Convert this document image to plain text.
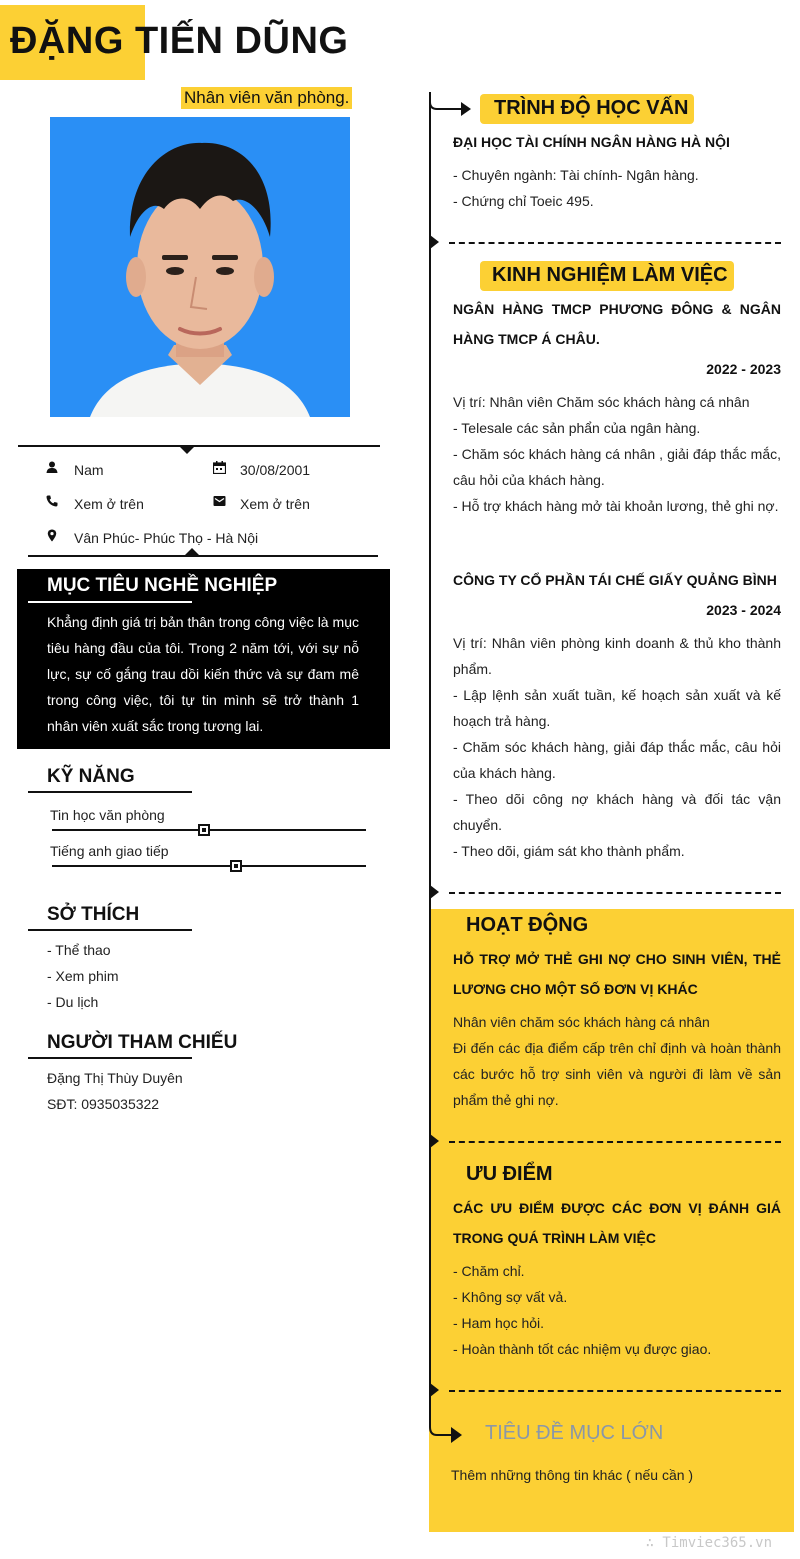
ĐẶNG TIẾN DŨNG
Nhân viên văn phòng.
Nam	30/08/2001
Xem ở trên	Xem ở trên
Vân Phúc- Phúc Thọ - Hà Nội
MỤC TIÊU NGHỀ NGHIỆP
Khẳng định giá trị bản thân trong công việc là mục tiêu hàng đầu của tôi. Trong 2 năm tới, với sự nỗ lực, sự cố gắng trau dồi kiến thức và sự đam mê trong công việc, tôi tự tin mình sẽ trở thành 1 nhân viên xuất sắc trong tương lai.
KỸ NĂNG
Tin học văn phòng
Tiếng anh giao tiếp
SỞ THÍCH
- Thể thao
- Xem phim
- Du lịch
NGƯỜI THAM CHIẾU
Đặng Thị Thùy Duyên
SĐT: 0935035322
TRÌNH ĐỘ HỌC VẤN
ĐẠI HỌC TÀI CHÍNH NGÂN HÀNG HÀ NỘI
- Chuyên ngành: Tài chính- Ngân hàng.
- Chứng chỉ Toeic 495.
KINH NGHIỆM LÀM VIỆC
NGÂN HÀNG TMCP PHƯƠNG ĐÔNG & NGÂN HÀNG TMCP Á CHÂU.
2022 - 2023
Vị trí: Nhân viên Chăm sóc khách hàng cá nhân
- Telesale các sản phẩn của ngân hàng.
- Chăm sóc khách hàng cá nhân , giải đáp thắc mắc, câu hỏi của khách hàng.
- Hỗ trợ khách hàng mở tài khoản lương, thẻ ghi nợ.
CÔNG TY CỔ PHẦN TÁI CHẾ GIẤY QUẢNG BÌNH
2023 - 2024
Vị trí: Nhân viên phòng kinh doanh & thủ kho thành phẩm.
- Lập lệnh sản xuất tuần, kế hoạch sản xuất và kế hoạch trả hàng.
- Chăm sóc khách hàng, giải đáp thắc mắc, câu hỏi của khách hàng.
- Theo dõi công nợ khách hàng và đối tác vận chuyển.
- Theo dõi, giám sát kho thành phẩm.
HOẠT ĐỘNG
HỖ TRỢ MỞ THẺ GHI NỢ CHO SINH VIÊN, THẺ LƯƠNG CHO MỘT SỐ ĐƠN VỊ KHÁC
Nhân viên chăm sóc khách hàng cá nhân
Đi đến các địa điểm cấp trên chỉ định và hoàn thành các bước hỗ trợ sinh viên và người đi làm về sản phẩm thẻ ghi nợ.
ƯU ĐIỂM
CÁC ƯU ĐIỂM ĐƯỢC CÁC ĐƠN VỊ ĐÁNH GIÁ TRONG QUÁ TRÌNH LÀM VIỆC
- Chăm chỉ.
- Không sợ vất vả.
- Ham học hỏi.
- Hoàn thành tốt các nhiệm vụ được giao.
TIÊU ĐỀ MỤC LỚN
Thêm những thông tin khác ( nếu cần )
∴ Timviec365.vn
